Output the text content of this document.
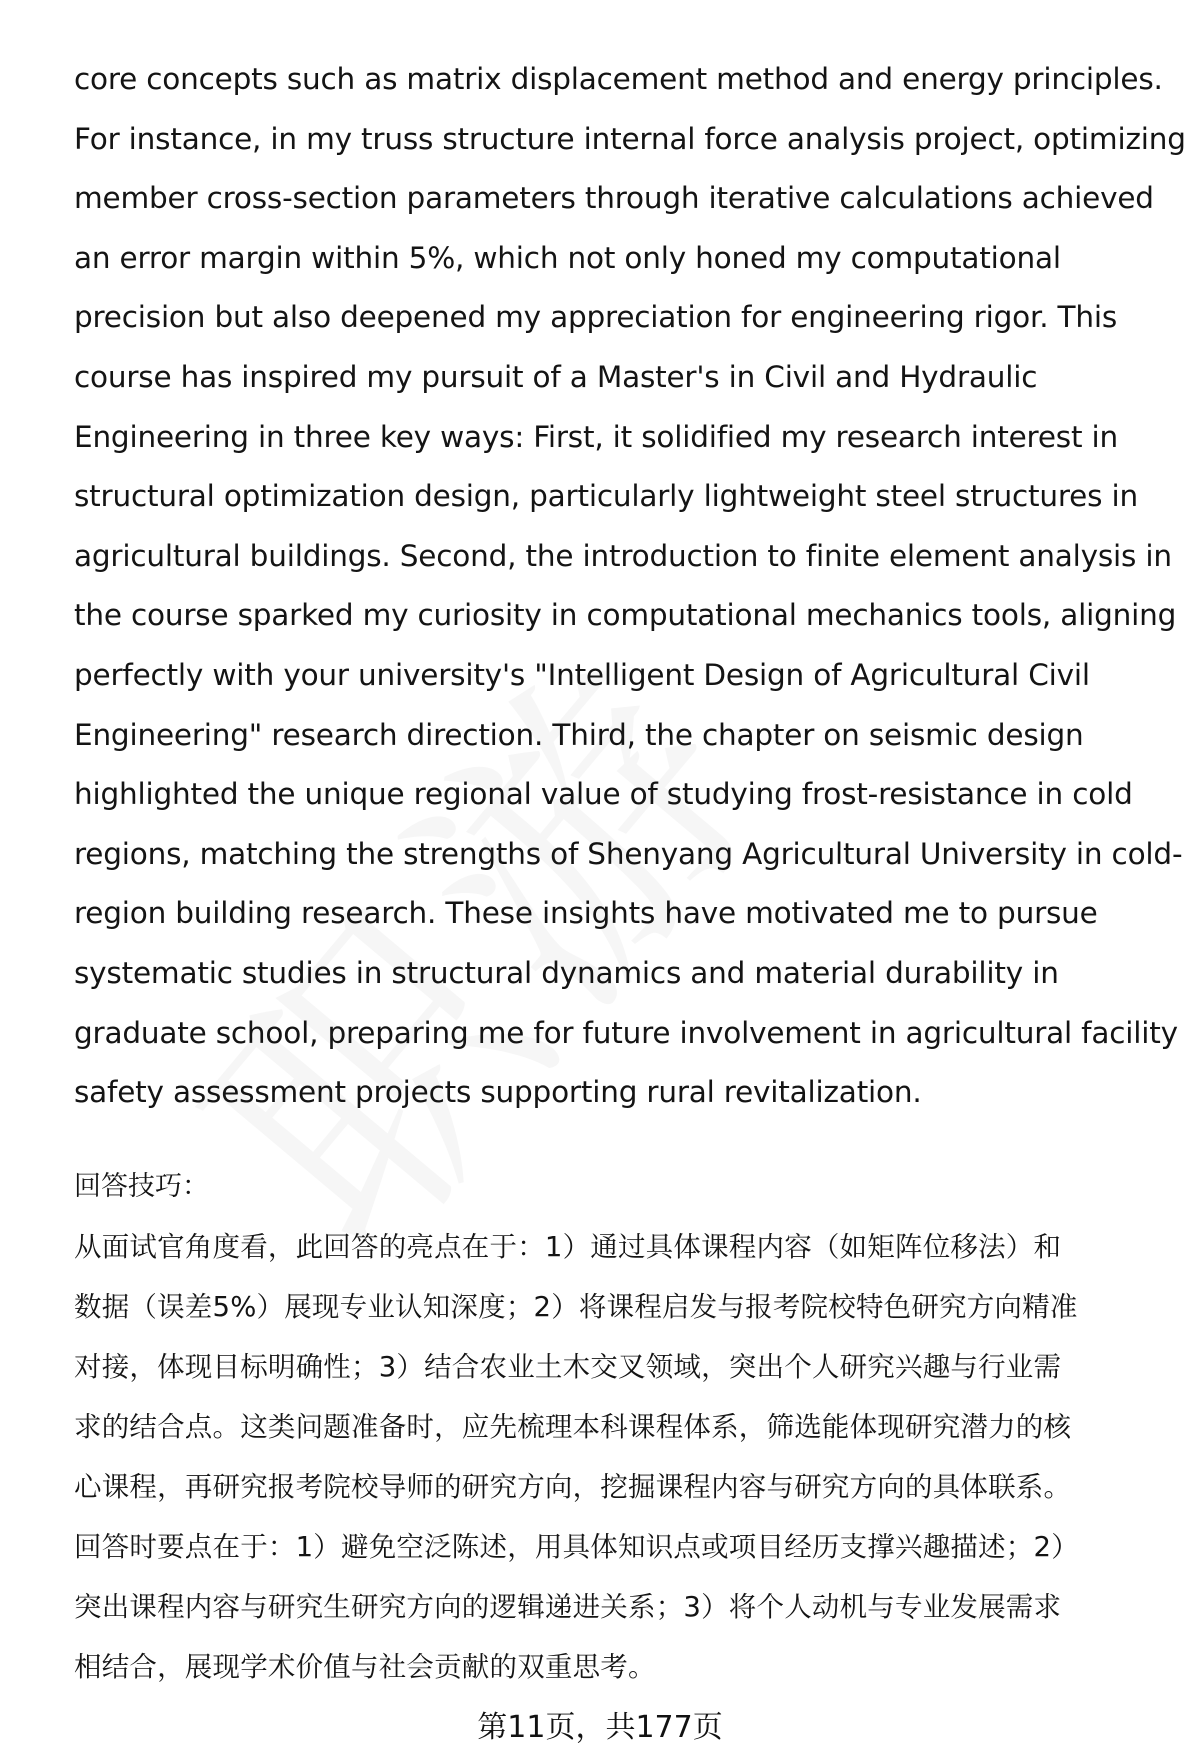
core concepts such as matrix displacement method and energy principles.
For instance, in my truss structure internal force analysis project, optimizing
member cross-section parameters through iterative calculations achieved
an error margin within 5%, which not only honed my computational
precision but also deepened my appreciation for engineering rigor. This
course has inspired my pursuit of a Master's in Civil and Hydraulic
Engineering in three key ways: First, it solidified my research interest in
structural optimization design, particularly lightweight steel structures in
agricultural buildings. Second, the introduction to finite element analysis in
the course sparked my curiosity in computational mechanics tools, aligning
perfectly with your university's "Intelligent Design of Agricultural Civil
Engineering" research direction. Third, the chapter on seismic design
highlighted the unique regional value of studying frost-resistance in cold
regions, matching the strengths of Shenyang Agricultural University in cold-
region building research. These insights have motivated me to pursue
systematic studies in structural dynamics and material durability in
graduate school, preparing me for future involvement in agricultural facility
safety assessment projects supporting rural revitalization.
回答技巧：
从面试官角度看，此回答的亮点在于：1）通过具体课程内容（如矩阵位移法）和
数据（误差5%）展现专业认知深度；2）将课程启发与报考院校特色研究方向精准
对接，体现目标明确性；3）结合农业土木交叉领域，突出个人研究兴趣与行业需
求的结合点。这类问题准备时，应先梳理本科课程体系，筛选能体现研究潜力的核
心课程，再研究报考院校导师的研究方向，挖掘课程内容与研究方向的具体联系。
回答时要点在于：1）避免空泛陈述，用具体知识点或项目经历支撑兴趣描述；2）
突出课程内容与研究生研究方向的逻辑递进关系；3）将个人动机与专业发展需求
相结合，展现学术价值与社会贡献的双重思考。
第11页，共177页
